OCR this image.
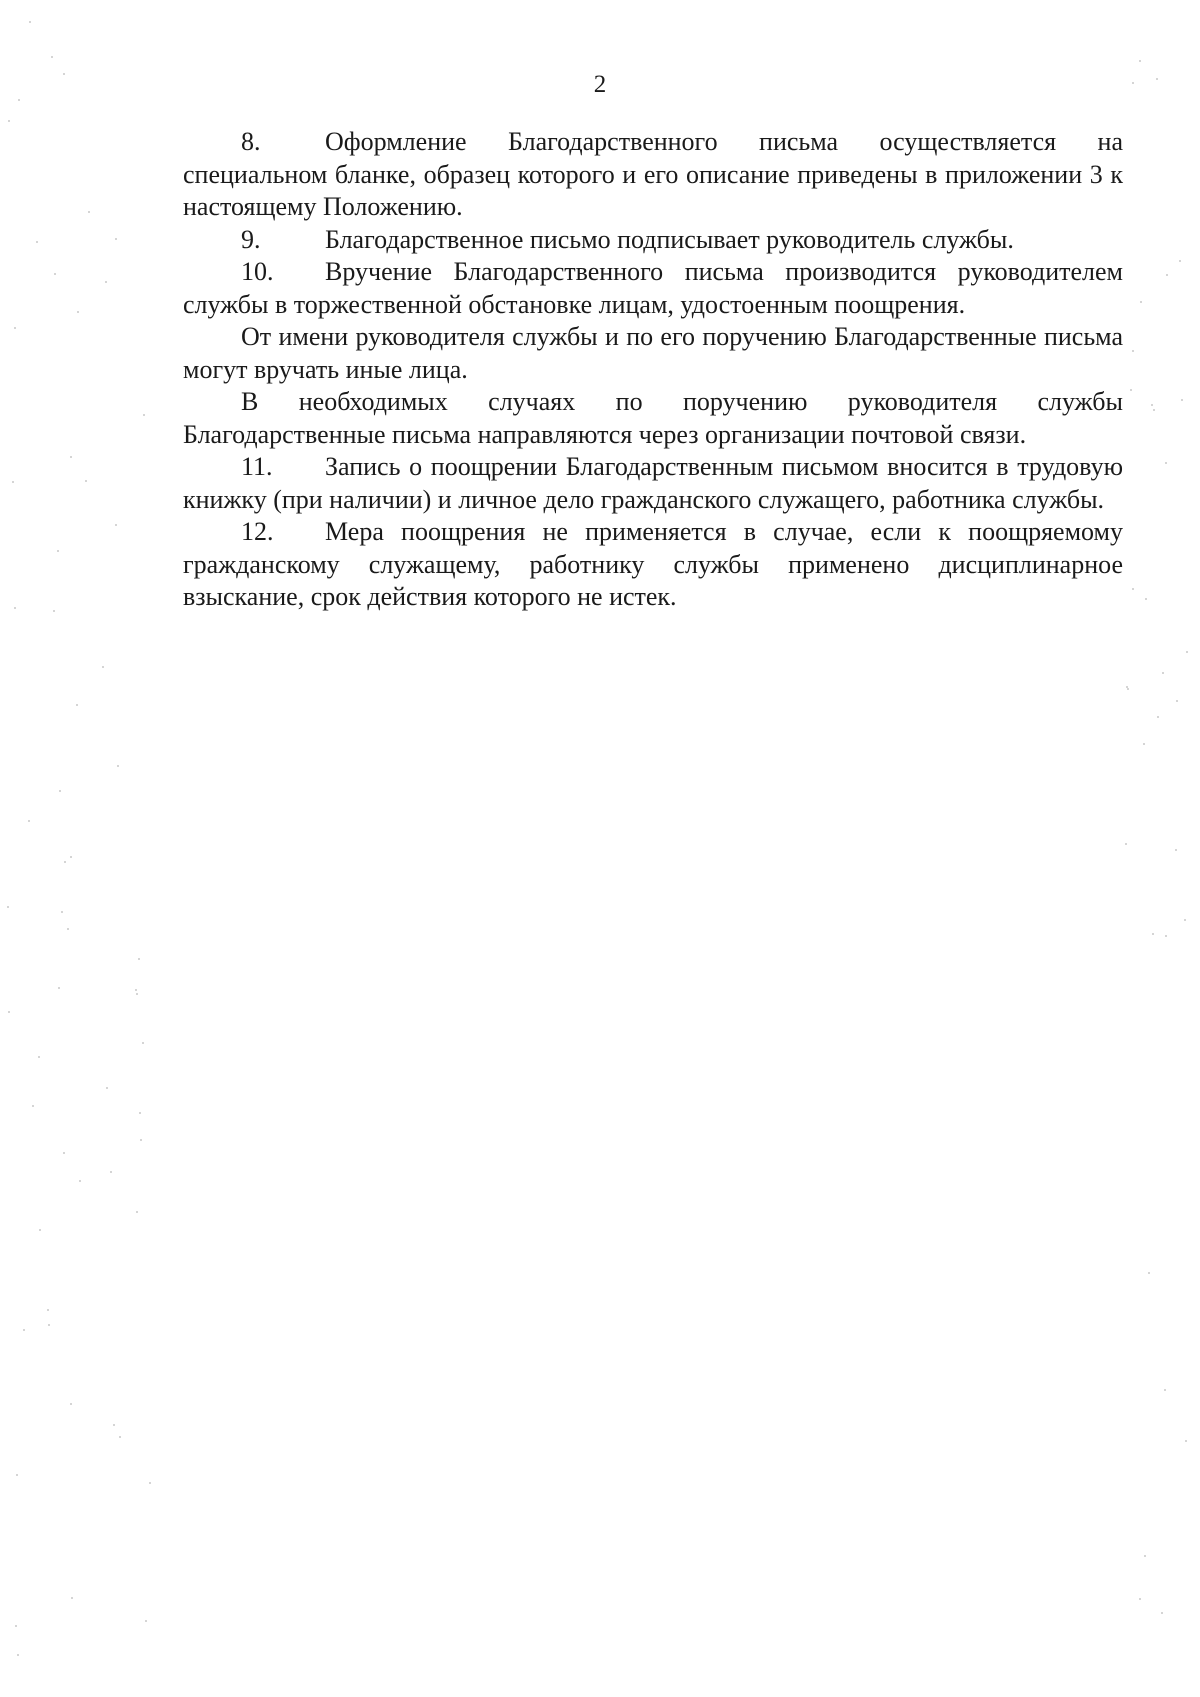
2

8. Оформление Благодарственного письма осуществляется на специальном бланке, образец которого и его описание приведены в приложении 3 к настоящему Положению.

9. Благодарственное письмо подписывает руководитель службы.

10. Вручение Благодарственного письма производится руководителем службы в торжественной обстановке лицам, удостоенным поощрения.

От имени руководителя службы и по его поручению Благодарственные письма могут вручать иные лица.

В необходимых случаях по поручению руководителя службы Благодарственные письма направляются через организации почтовой связи.

11. Запись о поощрении Благодарственным письмом вносится в трудовую книжку (при наличии) и личное дело гражданского служащего, работника службы.

12. Мера поощрения не применяется в случае, если к поощряемому гражданскому служащему, работнику службы применено дисциплинарное взыскание, срок действия которого не истек.
